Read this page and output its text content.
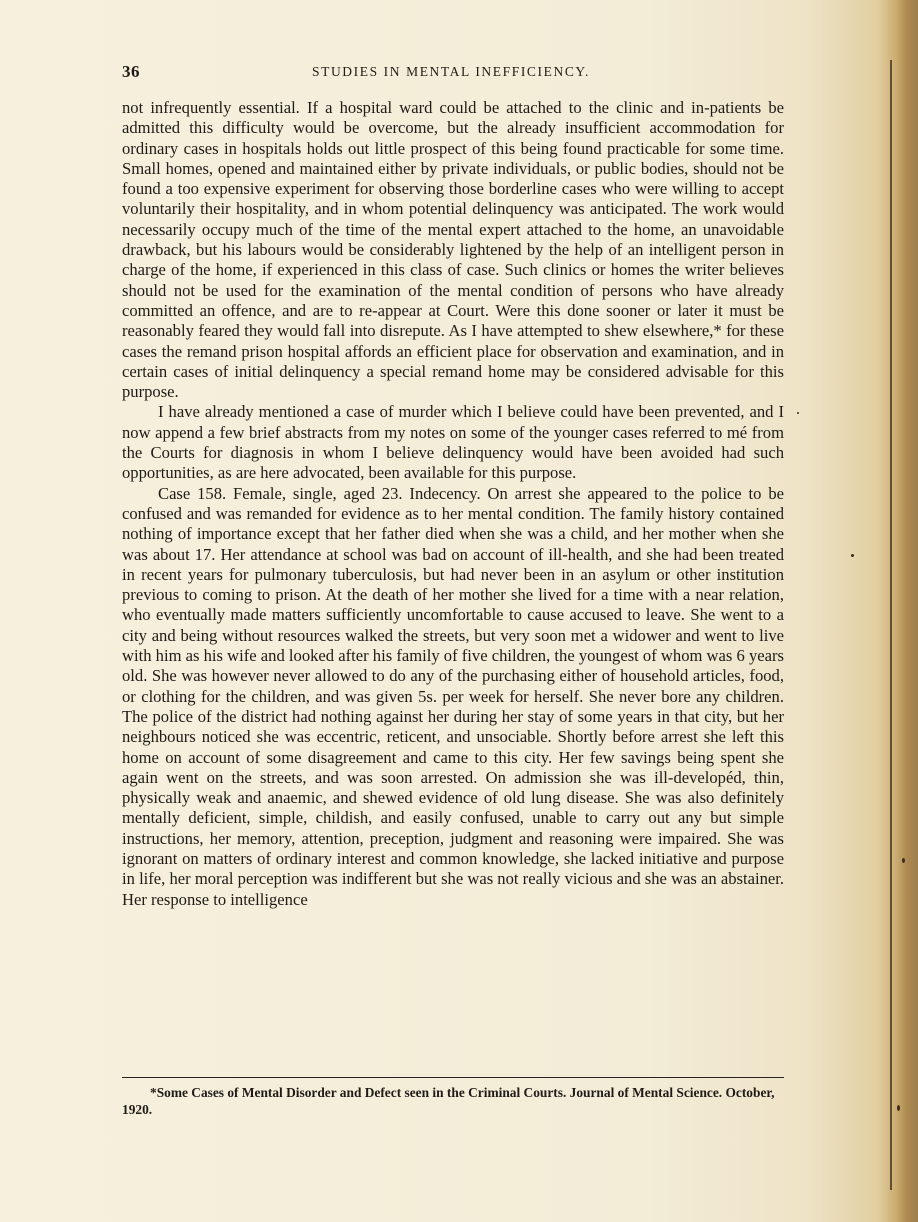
36	STUDIES IN MENTAL INEFFICIENCY.

not infrequently essential. If a hospital ward could be attached to the clinic and in-patients be admitted this difficulty would be overcome, but the already insufficient accommodation for ordinary cases in hospitals holds out little prospect of this being found practicable for some time. Small homes, opened and maintained either by private individuals, or public bodies, should not be found a too expensive experiment for observing those borderline cases who were willing to accept voluntarily their hospitality, and in whom potential delinquency was anticipated. The work would necessarily occupy much of the time of the mental expert attached to the home, an unavoidable drawback, but his labours would be considerably lightened by the help of an intelligent person in charge of the home, if experienced in this class of case. Such clinics or homes the writer believes should not be used for the examination of the mental condition of persons who have already committed an offence, and are to re-appear at Court. Were this done sooner or later it must be reasonably feared they would fall into disrepute. As I have attempted to shew elsewhere,* for these cases the remand prison hospital affords an efficient place for observation and examination, and in certain cases of initial delinquency a special remand home may be considered advisable for this purpose.

I have already mentioned a case of murder which I believe could have been prevented, and I now append a few brief abstracts from my notes on some of the younger cases referred to mé from the Courts for diagnosis in whom I believe delinquency would have been avoided had such opportunities, as are here advocated, been available for this purpose.

Case 158. Female, single, aged 23. Indecency. On arrest she appeared to the police to be confused and was remanded for evidence as to her mental condition. The family history contained nothing of importance except that her father died when she was a child, and her mother when she was about 17. Her attendance at school was bad on account of ill-health, and she had been treated in recent years for pulmonary tuberculosis, but had never been in an asylum or other institution previous to coming to prison. At the death of her mother she lived for a time with a near relation, who eventually made matters sufficiently uncomfortable to cause accused to leave. She went to a city and being without resources walked the streets, but very soon met a widower and went to live with him as his wife and looked after his family of five children, the youngest of whom was 6 years old. She was however never allowed to do any of the purchasing either of household articles, food, or clothing for the children, and was given 5s. per week for herself. She never bore any children. The police of the district had nothing against her during her stay of some years in that city, but her neighbours noticed she was eccentric, reticent, and unsociable. Shortly before arrest she left this home on account of some disagreement and came to this city. Her few savings being spent she again went on the streets, and was soon arrested. On admission she was ill-developéd, thin, physically weak and anaemic, and shewed evidence of old lung disease. She was also definitely mentally deficient, simple, childish, and easily confused, unable to carry out any but simple instructions, her memory, attention, preception, judgment and reasoning were impaired. She was ignorant on matters of ordinary interest and common knowledge, she lacked initiative and purpose in life, her moral perception was indifferent but she was not really vicious and she was an abstainer. Her response to intelligence

*Some Cases of Mental Disorder and Defect seen in the Criminal Courts. Journal of Mental Science. October, 1920.
